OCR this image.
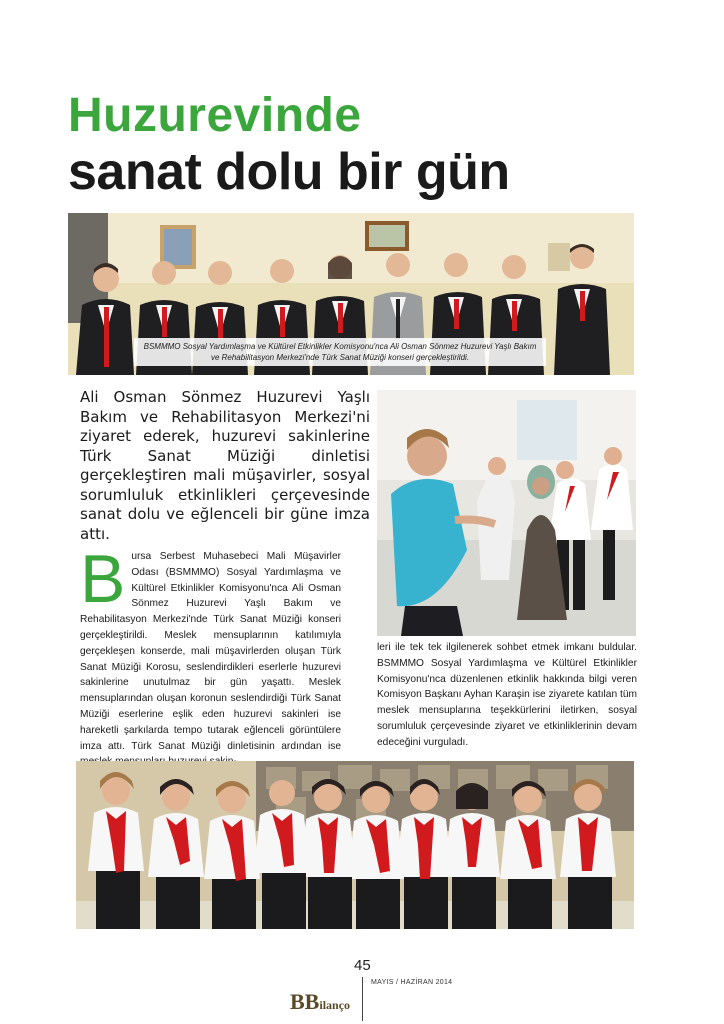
Huzurevinde
sanat dolu bir gün
BSMMMO Sosyal Yardımlaşma ve Kültürel Etkinlikler Komisyonu'nca Ali Osman Sönmez Huzurevi Yaşlı Bakım ve Rehabilitasyon Merkezi'nde Türk Sanat Müziği konseri gerçekleştirildi.

Ali Osman Sönmez Huzurevi Yaşlı Bakım ve Rehabilitasyon Merkezi'ni ziyaret ederek, huzurevi sakinlerine Türk Sanat Müziği dinletisi gerçekleştiren mali müşavirler, sosyal sorumluluk etkinlikleri çerçevesinde sanat dolu ve eğlenceli bir güne imza attı.

Bursa Serbest Muhasebeci Mali Müşavirler Odası (BSMMMO) Sosyal Yardımlaşma ve Kültürel Etkinlikler Komisyonu'nca Ali Osman Sönmez Huzurevi Yaşlı Bakım ve Rehabilitasyon Merkezi'nde Türk Sanat Müziği konseri gerçekleştirildi. Meslek mensuplarının katılımıyla gerçekleşen konserde, mali müşavirlerden oluşan Türk Sanat Müziği Korosu, seslendirdikleri eserlerle huzurevi sakinlerine unutulmaz bir gün yaşattı. Meslek mensuplarından oluşan koronun seslendirdiği Türk Sanat Müziği eserlerine eşlik eden huzurevi sakinleri ise hareketli şarkılarda tempo tutarak eğlenceli görüntülere imza attı. Türk Sanat Müziği dinletisinin ardından ise
leri ile tek tek ilgilenerek sohbet etmek imkanı buldular. BSMMMO Sosyal Yardımlaşma ve Kültürel Etkinlikler Komisyonu'nca düzenlenen etkinlik hakkında bilgi veren Komisyon Başkanı Ayhan Karaşin ise ziyarete katılan tüm meslek mensuplarına teşekkürlerini iletirken, sosyal sorumluluk çerçevesinde ziyaret ve etkinliklerinin devam edeceğini vurguladı.
45
BBilanço
MAYIS / HAZİRAN 2014
